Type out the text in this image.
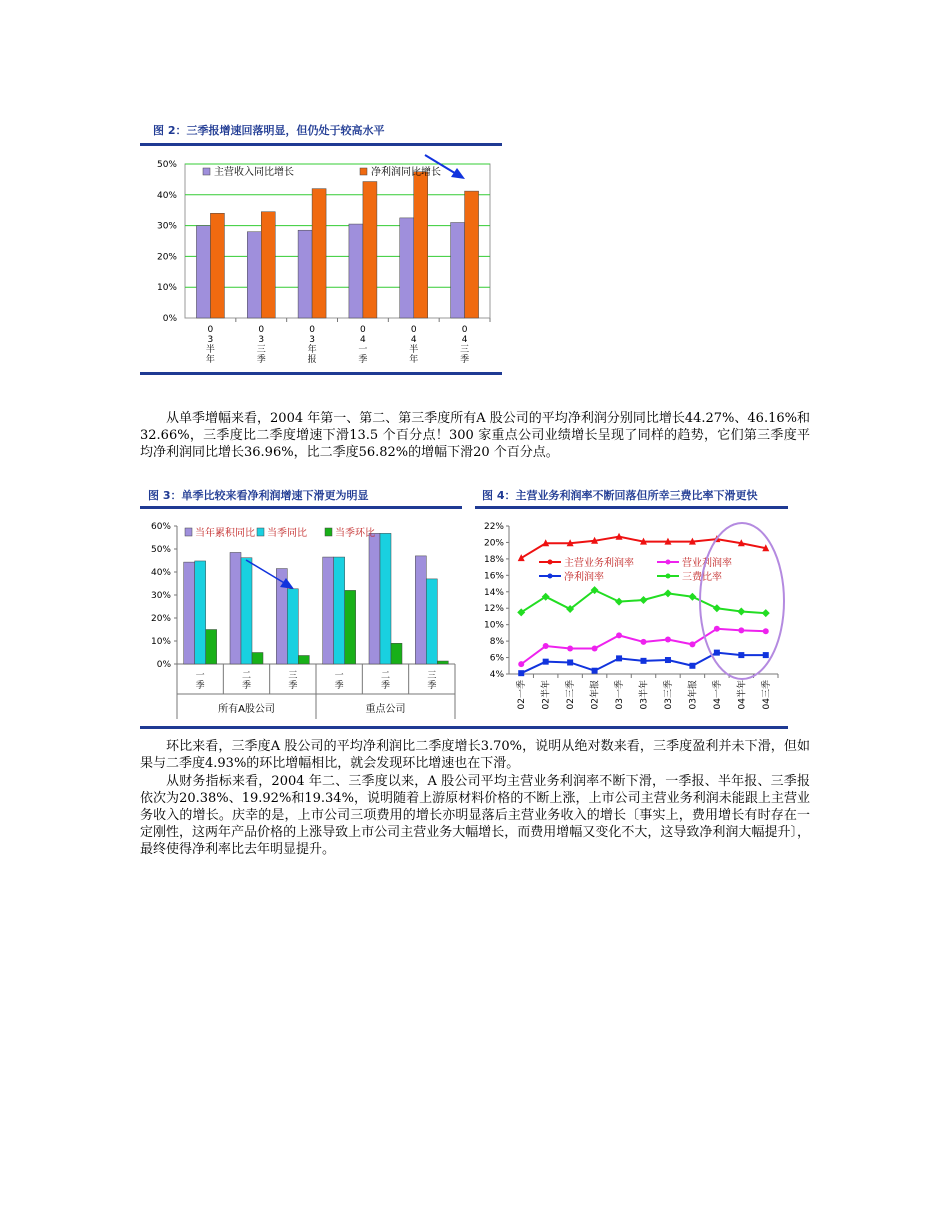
图 2：三季报增速回落明显，但仍处于较高水平
0%
10%
20%
30%
40%
50%
0 3 半年
0 3 三季
0 3 年报
0 4 一季
0 4 半年
0 4 三季
主营收入同比增长	净利润同比增长

从单季增幅来看，2004 年第一、第二、第三季度所有A 股公司的平均净利润分别同比增长44.27%、46.16%和32.66%，三季度比二季度增速下滑13.5 个百分点！300 家重点公司业绩增长呈现了同样的趋势，它们第三季度平均净利润同比增长36.96%，比二季度56.82%的增幅下滑20 个百分点。

图 3：单季比较来看净利润增速下滑更为明显
0%
10%
20%
30%
40%
50%
60%
一季
二季
三季
一季
二季
三季
所有A股公司	重点公司
当年累积同比 当季同比	当季环比
图 4：主营业务利润率不断回落但所幸三费比率下滑更快
4%
6%
8%
10%
12%
14%
16%
18%
20%
22%
02一季 02半年 02三季 02年报 03一季 03半年 03三季 03年报 04一季 04半年 04三季
主营业务利润率	营业利润率
净利润率	三费比率

环比来看，三季度A 股公司的平均净利润比二季度增长3.70%，说明从绝对数来看，三季度盈利并未下滑，但如果与二季度4.93%的环比增幅相比，就会发现环比增速也在下滑。

从财务指标来看，2004 年二、三季度以来，A 股公司平均主营业务利润率不断下滑，一季报、半年报、三季报依次为20.38%、19.92%和19.34%，说明随着上游原材料价格的不断上涨，上市公司主营业务利润未能跟上主营业务收入的增长。庆幸的是，上市公司三项费用的增长亦明显落后主营业务收入的增长〔事实上，费用增长有时存在一定刚性，这两年产品价格的上涨导致上市公司主营业务大幅增长，而费用增幅又变化不大，这导致净利润大幅提升〕，最终使得净利率比去年明显提升。
